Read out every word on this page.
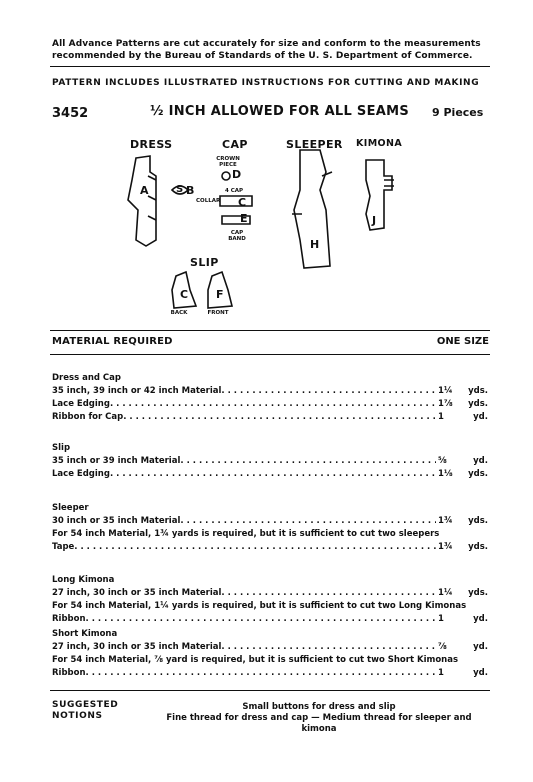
All Advance Patterns are cut accurately for size and conform to the measurements
recommended by the Bureau of Standards of the U. S. Department of Commerce.
PATTERN INCLUDES ILLUSTRATED INSTRUCTIONS FOR CUTTING AND MAKING
3452	½ INCH ALLOWED FOR ALL SEAMS 9 Pieces
DRESS	CAP	SLEEPER KIMONA
SLIP
CROWN PIECE
4 CAP
COLLAR
CAP BAND
BACK	FRONT
A	S B
D
C
E
H
J
C	F
MATERIAL REQUIRED	ONE SIZE
Dress and Cap
35 inch, 39 inch or 42 inch Material . . .	1¼	yds.
Lace Edging . . .	1⅞	yds.
Ribbon for Cap . . .	1	yd.
Slip
35 inch or 39 inch Material . . .	⅝	yd.
Lace Edging . . .	1⅛	yds.
Sleeper
30 inch or 35 inch Material . . .	1¾	yds.
For 54 inch Material, 1¾ yards is required, but it is sufficient to cut two sleepers
Tape . . .	1¾	yds.
Long Kimona
27 inch, 30 inch or 35 inch Material . . .	1¼	yds.
For 54 inch Material, 1¼ yards is required, but it is sufficient to cut two Long Kimonas
Ribbon . . .	1	yd.
Short Kimona
27 inch, 30 inch or 35 inch Material . . .	⅞	yd.
For 54 inch Material, ⅞ yard is required, but it is sufficient to cut two Short Kimonas
Ribbon . . .	1	yd.
SUGGESTED
NOTIONS
Small buttons for dress and slip
Fine thread for dress and cap — Medium thread for sleeper and kimona
